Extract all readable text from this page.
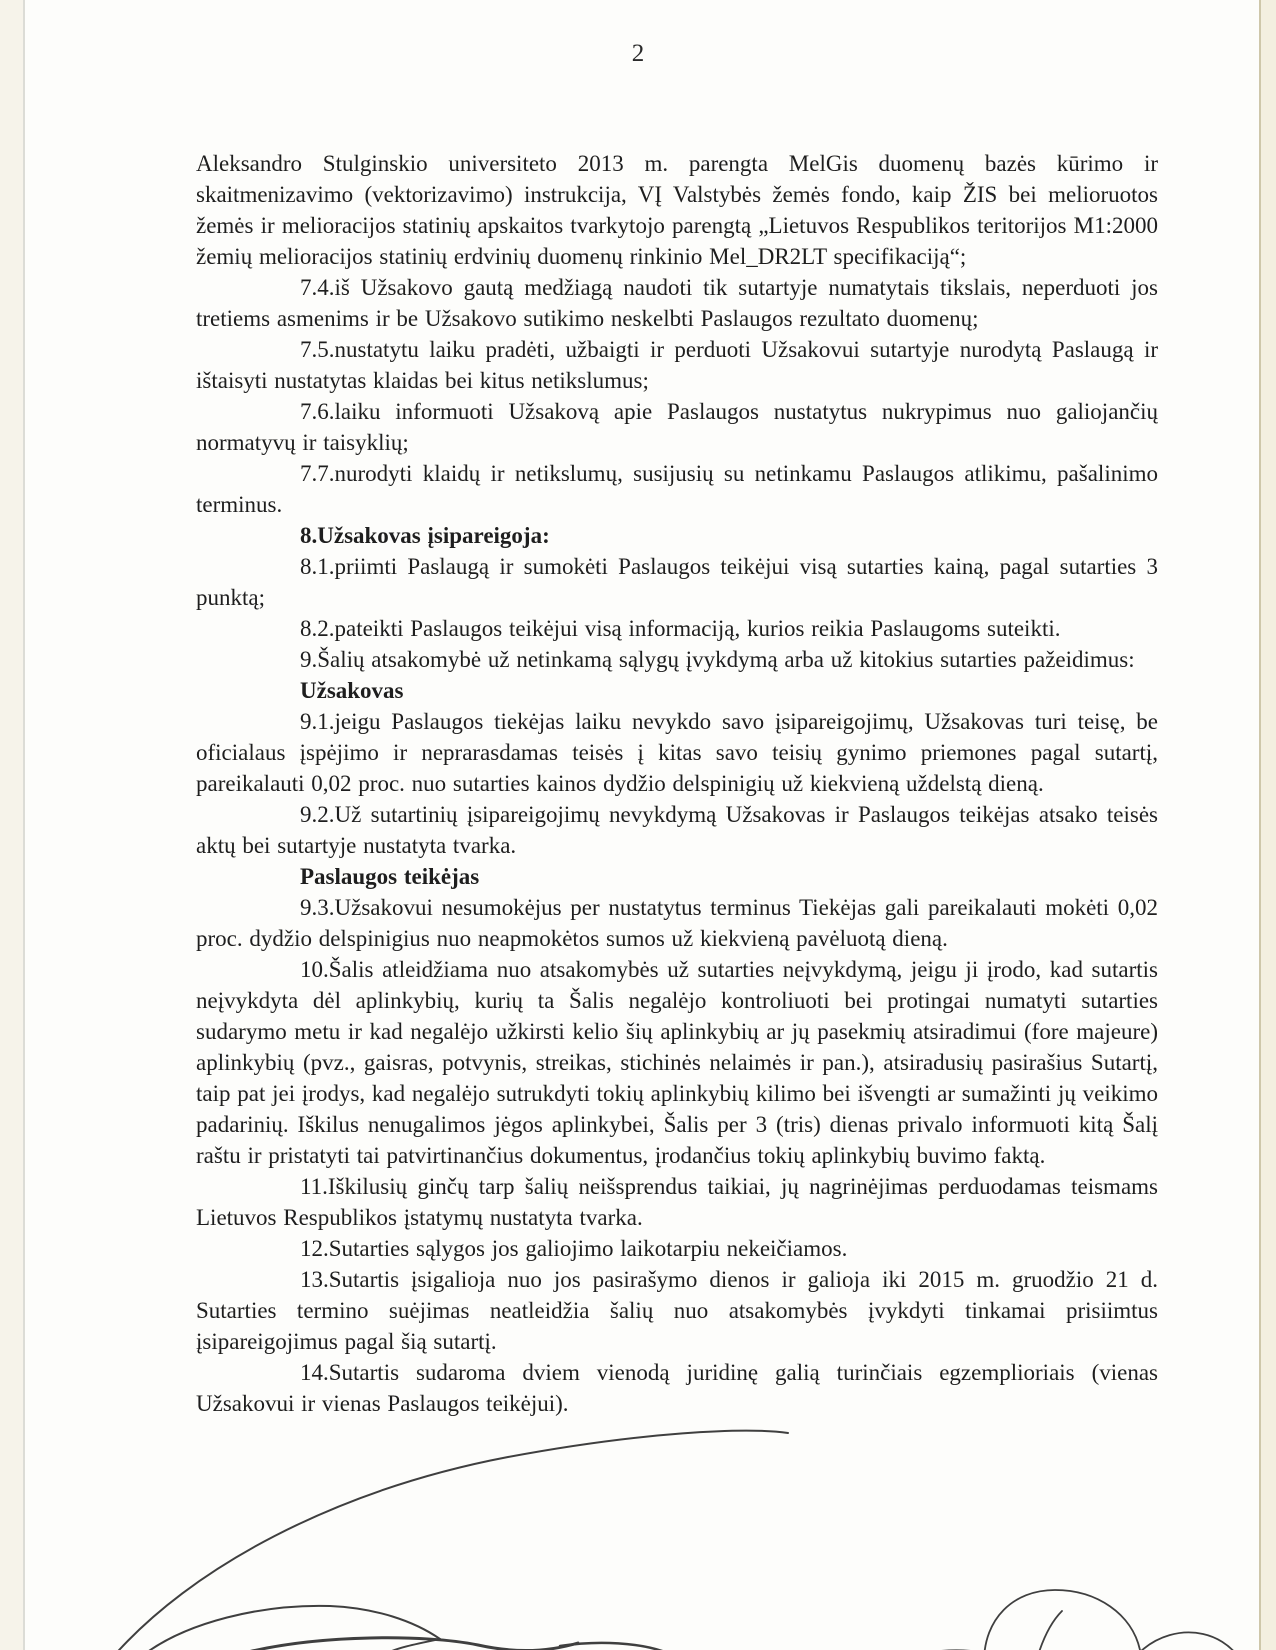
2

Aleksandro Stulginskio universiteto 2013 m. parengta MelGis duomenų bazės kūrimo ir skaitmenizavimo (vektorizavimo) instrukcija, VĮ Valstybės žemės fondo, kaip ŽIS bei melioruotos žemės ir melioracijos statinių apskaitos tvarkytojo parengtą „Lietuvos Respublikos teritorijos M1:2000 žemių melioracijos statinių erdvinių duomenų rinkinio Mel_DR2LT specifikaciją“;

7.4.iš Užsakovo gautą medžiagą naudoti tik sutartyje numatytais tikslais, neperduoti jos tretiems asmenims ir be Užsakovo sutikimo neskelbti Paslaugos rezultato duomenų;

7.5.nustatytu laiku pradėti, užbaigti ir perduoti Užsakovui sutartyje nurodytą Paslaugą ir ištaisyti nustatytas klaidas bei kitus netikslumus;

7.6.laiku informuoti Užsakovą apie Paslaugos nustatytus nukrypimus nuo galiojančių normatyvų ir taisyklių;

7.7.nurodyti klaidų ir netikslumų, susijusių su netinkamu Paslaugos atlikimu, pašalinimo terminus.

8.Užsakovas įsipareigoja:

8.1.priimti Paslaugą ir sumokėti Paslaugos teikėjui visą sutarties kainą, pagal sutarties 3 punktą;

8.2.pateikti Paslaugos teikėjui visą informaciją, kurios reikia Paslaugoms suteikti.

9.Šalių atsakomybė už netinkamą sąlygų įvykdymą arba už kitokius sutarties pažeidimus:

Užsakovas

9.1.jeigu Paslaugos tiekėjas laiku nevykdo savo įsipareigojimų, Užsakovas turi teisę, be oficialaus įspėjimo ir neprarasdamas teisės į kitas savo teisių gynimo priemones pagal sutartį, pareikalauti 0,02 proc. nuo sutarties kainos dydžio delspinigių už kiekvieną uždelstą dieną.

9.2.Už sutartinių įsipareigojimų nevykdymą Užsakovas ir Paslaugos teikėjas atsako teisės aktų bei sutartyje nustatyta tvarka.

Paslaugos teikėjas

9.3.Užsakovui nesumokėjus per nustatytus terminus Tiekėjas gali pareikalauti mokėti 0,02 proc. dydžio delspinigius nuo neapmokėtos sumos už kiekvieną pavėluotą dieną.

10.Šalis atleidžiama nuo atsakomybės už sutarties neįvykdymą, jeigu ji įrodo, kad sutartis neįvykdyta dėl aplinkybių, kurių ta Šalis negalėjo kontroliuoti bei protingai numatyti sutarties sudarymo metu ir kad negalėjo užkirsti kelio šių aplinkybių ar jų pasekmių atsiradimui (fore majeure) aplinkybių (pvz., gaisras, potvynis, streikas, stichinės nelaimės ir pan.), atsiradusių pasirašius Sutartį, taip pat jei įrodys, kad negalėjo sutrukdyti tokių aplinkybių kilimo bei išvengti ar sumažinti jų veikimo padarinių. Iškilus nenugalimos jėgos aplinkybei, Šalis per 3 (tris) dienas privalo informuoti kitą Šalį raštu ir pristatyti tai patvirtinančius dokumentus, įrodančius tokių aplinkybių buvimo faktą.

11.Iškilusių ginčų tarp šalių neišsprendus taikiai, jų nagrinėjimas perduodamas teismams Lietuvos Respublikos įstatymų nustatyta tvarka.

12.Sutarties sąlygos jos galiojimo laikotarpiu nekeičiamos.

13.Sutartis įsigalioja nuo jos pasirašymo dienos ir galioja iki 2015 m. gruodžio 21 d. Sutarties termino suėjimas neatleidžia šalių nuo atsakomybės įvykdyti tinkamai prisiimtus įsipareigojimus pagal šią sutartį.

14.Sutartis sudaroma dviem vienodą juridinę galią turinčiais egzemplioriais (vienas Užsakovui ir vienas Paslaugos teikėjui).
